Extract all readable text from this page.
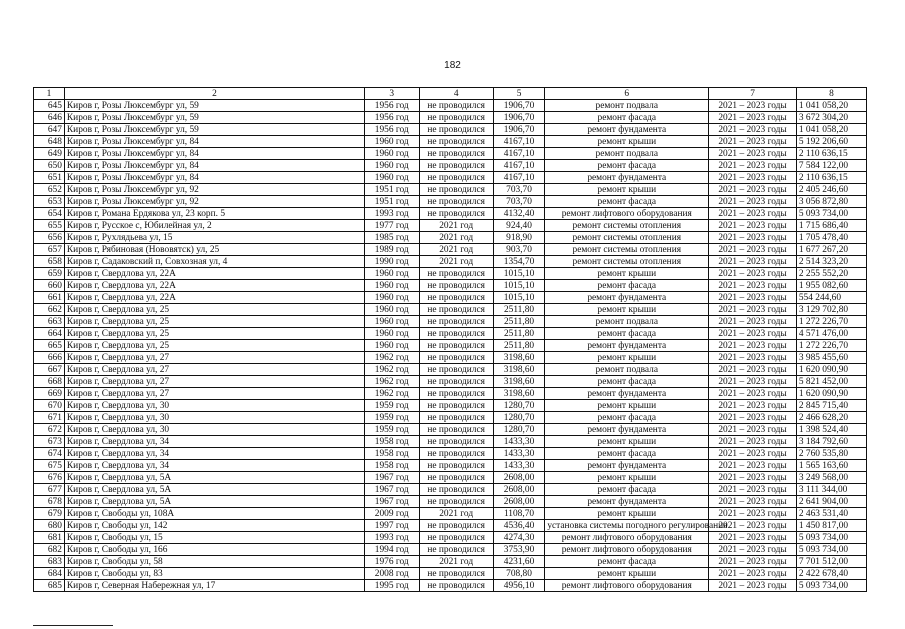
182
1	2	3	4	5	6	7	8
645	Киров г, Розы Люксембург ул, 59	1956 год	не проводился	1906,70	ремонт подвала	2021 – 2023 годы	1 041 058,20
646	Киров г, Розы Люксембург ул, 59	1956 год	не проводился	1906,70	ремонт фасада	2021 – 2023 годы	3 672 304,20
647	Киров г, Розы Люксембург ул, 59	1956 год	не проводился	1906,70	ремонт фундамента	2021 – 2023 годы	1 041 058,20
648	Киров г, Розы Люксембург ул, 84	1960 год	не проводился	4167,10	ремонт крыши	2021 – 2023 годы	5 192 206,60
649	Киров г, Розы Люксембург ул, 84	1960 год	не проводился	4167,10	ремонт подвала	2021 – 2023 годы	2 110 636,15
650	Киров г, Розы Люксембург ул, 84	1960 год	не проводился	4167,10	ремонт фасада	2021 – 2023 годы	7 584 122,00
651	Киров г, Розы Люксембург ул, 84	1960 год	не проводился	4167,10	ремонт фундамента	2021 – 2023 годы	2 110 636,15
652	Киров г, Розы Люксембург ул, 92	1951 год	не проводился	703,70	ремонт крыши	2021 – 2023 годы	2 405 246,60
653	Киров г, Розы Люксембург ул, 92	1951 год	не проводился	703,70	ремонт фасада	2021 – 2023 годы	3 056 872,80
654	Киров г, Романа Ердякова ул, 23 корп. 5	1993 год	не проводился	4132,40	ремонт лифтового оборудования	2021 – 2023 годы	5 093 734,00
655	Киров г, Русское с, Юбилейная ул, 2	1977 год	2021 год	924,40	ремонт системы отопления	2021 – 2023 годы	1 715 686,40
656	Киров г, Рухлядьева ул, 15	1985 год	2021 год	918,90	ремонт системы отопления	2021 – 2023 годы	1 705 478,40
657	Киров г, Рябиновая (Нововятск) ул, 25	1989 год	2021 год	903,70	ремонт системы отопления	2021 – 2023 годы	1 677 267,20
658	Киров г, Садаковский п, Совхозная ул, 4	1990 год	2021 год	1354,70	ремонт системы отопления	2021 – 2023 годы	2 514 323,20
659	Киров г, Свердлова ул, 22А	1960 год	не проводился	1015,10	ремонт крыши	2021 – 2023 годы	2 255 552,20
660	Киров г, Свердлова ул, 22А	1960 год	не проводился	1015,10	ремонт фасада	2021 – 2023 годы	1 955 082,60
661	Киров г, Свердлова ул, 22А	1960 год	не проводился	1015,10	ремонт фундамента	2021 – 2023 годы	554 244,60
662	Киров г, Свердлова ул, 25	1960 год	не проводился	2511,80	ремонт крыши	2021 – 2023 годы	3 129 702,80
663	Киров г, Свердлова ул, 25	1960 год	не проводился	2511,80	ремонт подвала	2021 – 2023 годы	1 272 226,70
664	Киров г, Свердлова ул, 25	1960 год	не проводился	2511,80	ремонт фасада	2021 – 2023 годы	4 571 476,00
665	Киров г, Свердлова ул, 25	1960 год	не проводился	2511,80	ремонт фундамента	2021 – 2023 годы	1 272 226,70
666	Киров г, Свердлова ул, 27	1962 год	не проводился	3198,60	ремонт крыши	2021 – 2023 годы	3 985 455,60
667	Киров г, Свердлова ул, 27	1962 год	не проводился	3198,60	ремонт подвала	2021 – 2023 годы	1 620 090,90
668	Киров г, Свердлова ул, 27	1962 год	не проводился	3198,60	ремонт фасада	2021 – 2023 годы	5 821 452,00
669	Киров г, Свердлова ул, 27	1962 год	не проводился	3198,60	ремонт фундамента	2021 – 2023 годы	1 620 090,90
670	Киров г, Свердлова ул, 30	1959 год	не проводился	1280,70	ремонт крыши	2021 – 2023 годы	2 845 715,40
671	Киров г, Свердлова ул, 30	1959 год	не проводился	1280,70	ремонт фасада	2021 – 2023 годы	2 466 628,20
672	Киров г, Свердлова ул, 30	1959 год	не проводился	1280,70	ремонт фундамента	2021 – 2023 годы	1 398 524,40
673	Киров г, Свердлова ул, 34	1958 год	не проводился	1433,30	ремонт крыши	2021 – 2023 годы	3 184 792,60
674	Киров г, Свердлова ул, 34	1958 год	не проводился	1433,30	ремонт фасада	2021 – 2023 годы	2 760 535,80
675	Киров г, Свердлова ул, 34	1958 год	не проводился	1433,30	ремонт фундамента	2021 – 2023 годы	1 565 163,60
676	Киров г, Свердлова ул, 5А	1967 год	не проводился	2608,00	ремонт крыши	2021 – 2023 годы	3 249 568,00
677	Киров г, Свердлова ул, 5А	1967 год	не проводился	2608,00	ремонт фасада	2021 – 2023 годы	3 111 344,00
678	Киров г, Свердлова ул, 5А	1967 год	не проводился	2608,00	ремонт фундамента	2021 – 2023 годы	2 641 904,00
679	Киров г, Свободы ул, 108А	2009 год	2021 год	1108,70	ремонт крыши	2021 – 2023 годы	2 463 531,40
680	Киров г, Свободы ул, 142	1997 год	не проводился	4536,40	установка системы погодного регулирования	2021 – 2023 годы	1 450 817,00
681	Киров г, Свободы ул, 15	1993 год	не проводился	4274,30	ремонт лифтового оборудования	2021 – 2023 годы	5 093 734,00
682	Киров г, Свободы ул, 166	1994 год	не проводился	3753,90	ремонт лифтового оборудования	2021 – 2023 годы	5 093 734,00
683	Киров г, Свободы ул, 58	1976 год	2021 год	4231,60	ремонт фасада	2021 – 2023 годы	7 701 512,00
684	Киров г, Свободы ул, 83	2008 год	не проводился	708,80	ремонт крыши	2021 – 2023 годы	2 422 678,40
685	Киров г, Северная Набережная ул, 17	1995 год	не проводился	4956,10	ремонт лифтового оборудования	2021 – 2023 годы	5 093 734,00
